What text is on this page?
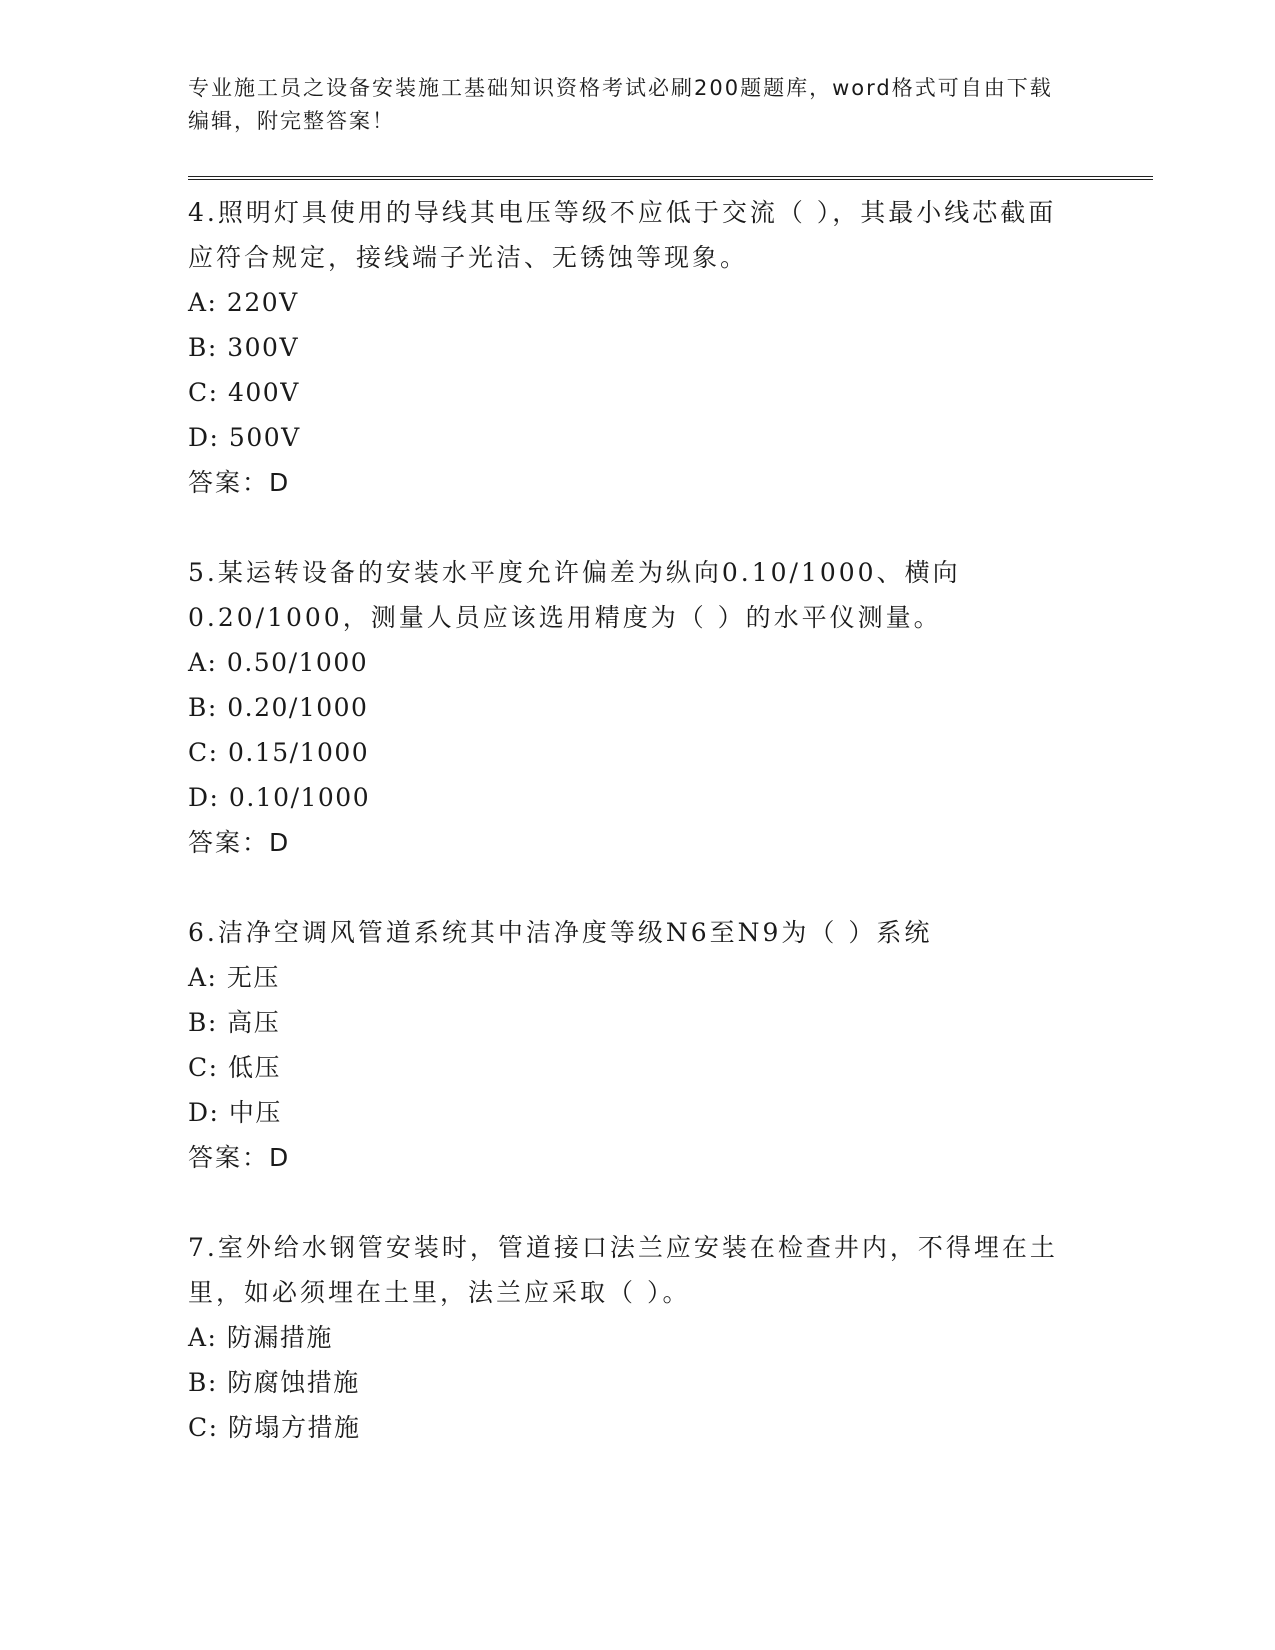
专业施工员之设备安装施工基础知识资格考试必刷200题题库，word格式可自由下载编辑，附完整答案！

4.照明灯具使用的导线其电压等级不应低于交流（ ），其最小线芯截面应符合规定，接线端子光洁、无锈蚀等现象。

A: 220V

B: 300V

C: 400V

D: 500V

答案：D

5.某运转设备的安装水平度允许偏差为纵向0.10/1000、横向0.20/1000，测量人员应该选用精度为（ ）的水平仪测量。

A: 0.50/1000

B: 0.20/1000

C: 0.15/1000

D: 0.10/1000

答案：D

6.洁净空调风管道系统其中洁净度等级N6至N9为（ ）系统

A: 无压

B: 高压

C: 低压

D: 中压

答案：D

7.室外给水钢管安装时，管道接口法兰应安装在检查井内，不得埋在土里，如必须埋在土里，法兰应采取（ ）。

A: 防漏措施

B: 防腐蚀措施

C: 防塌方措施
